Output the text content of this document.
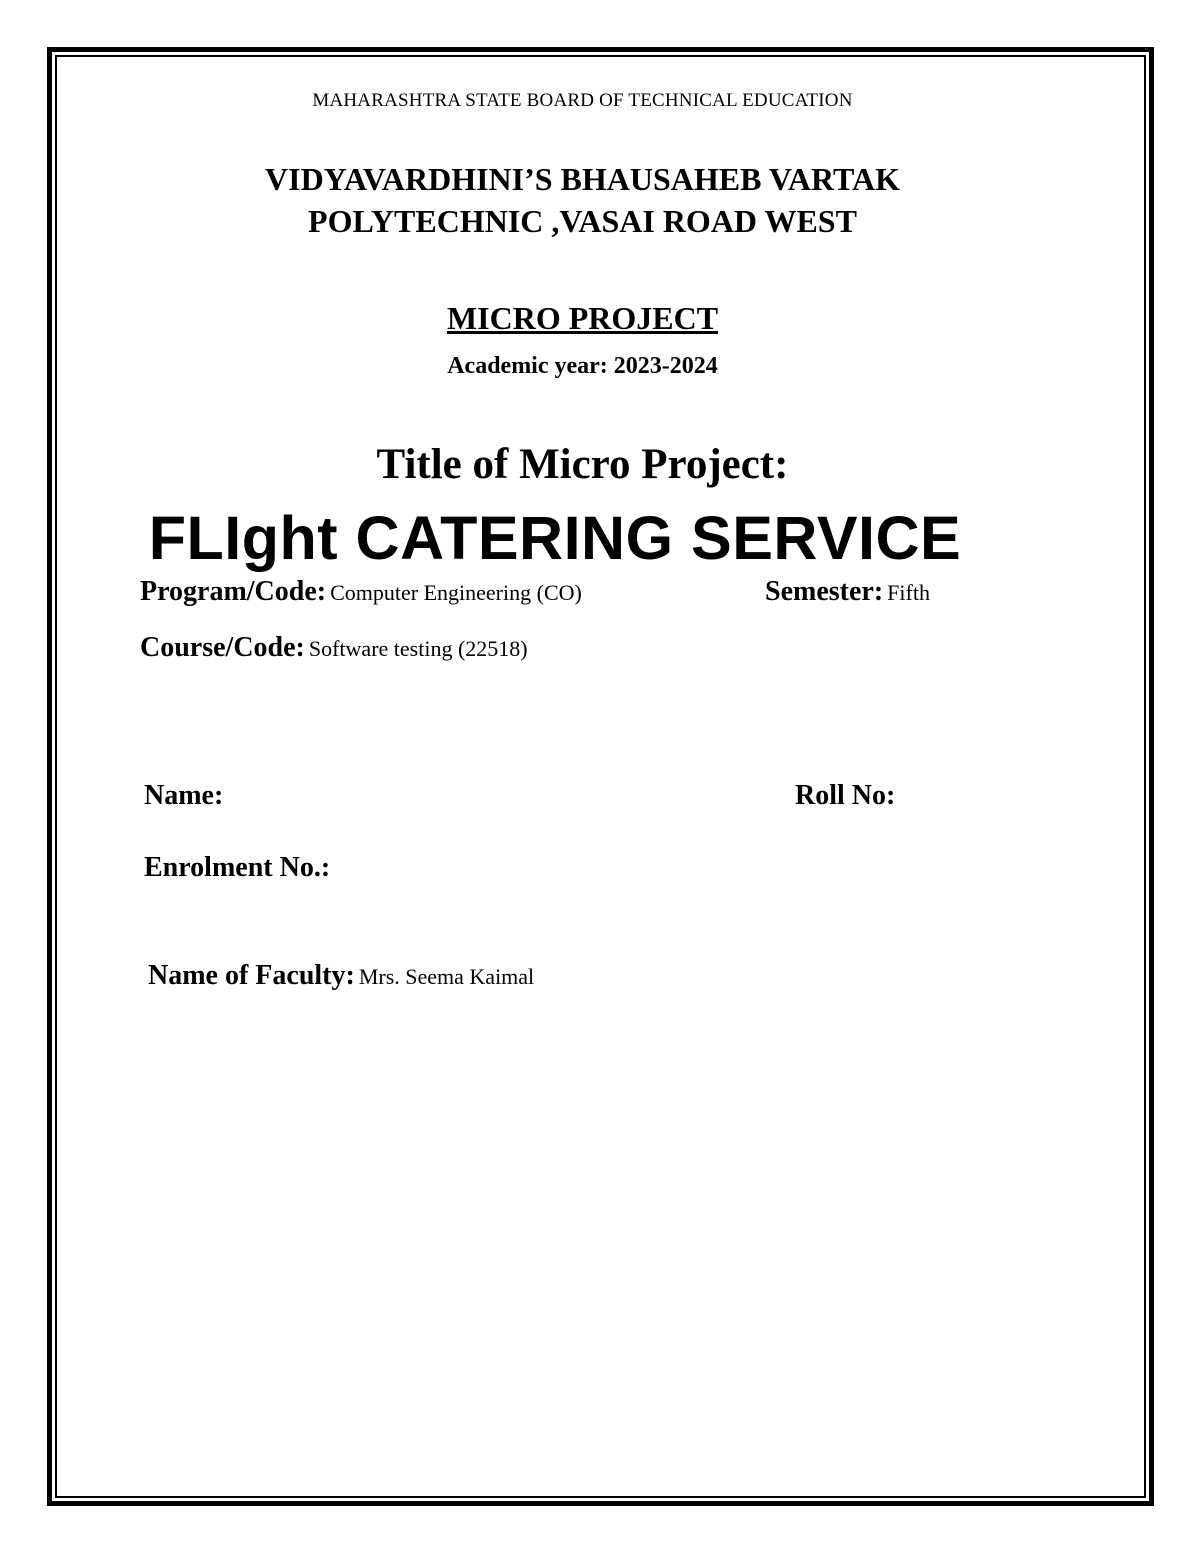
MAHARASHTRA STATE BOARD OF TECHNICAL EDUCATION
VIDYAVARDHINI’S BHAUSAHEB VARTAK
POLYTECHNIC ,VASAI ROAD WEST
MICRO PROJECT
Academic year: 2023-2024
Title of Micro Project:
FLIght CATERING SERVICE
Program/Code: Computer Engineering (CO)	Semester: Fifth
Course/Code: Software testing (22518)
Name:	Roll No:
Enrolment No.:
Name of Faculty: Mrs. Seema Kaimal
